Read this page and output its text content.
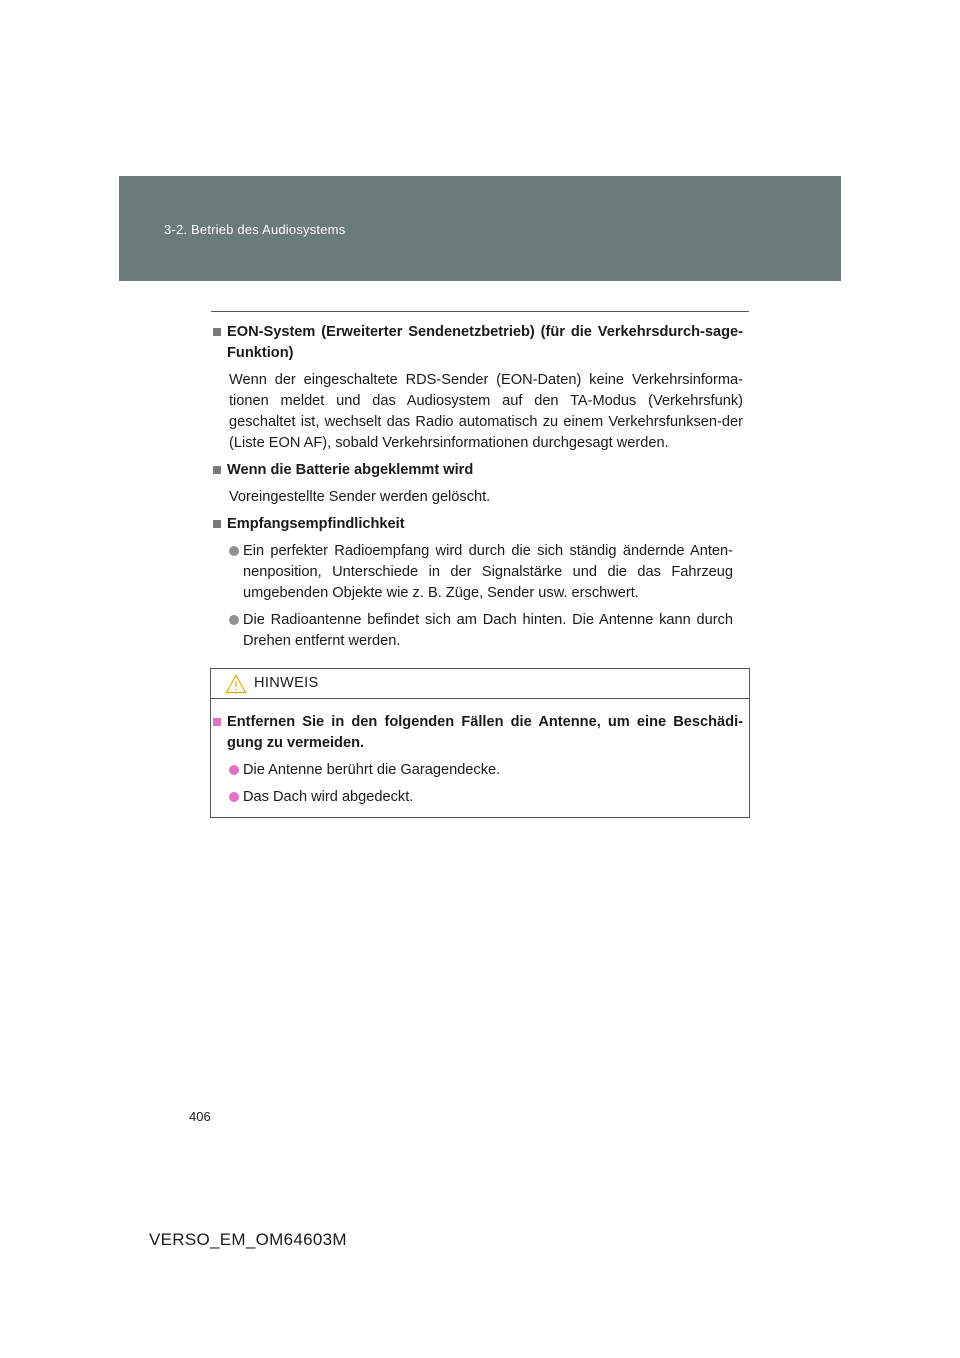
3-2. Betrieb des Audiosystems
EON-System (Erweiterter Sendenetzbetrieb) (für die Verkehrsdurch-sage-Funktion)
Wenn der eingeschaltete RDS-Sender (EON-Daten) keine Verkehrsinforma-tionen meldet und das Audiosystem auf den TA-Modus (Verkehrsfunk) geschaltet ist, wechselt das Radio automatisch zu einem Verkehrsfunksen-der (Liste EON AF), sobald Verkehrsinformationen durchgesagt werden.
Wenn die Batterie abgeklemmt wird
Voreingestellte Sender werden gelöscht.
Empfangsempfindlichkeit
Ein perfekter Radioempfang wird durch die sich ständig ändernde Anten-nenposition, Unterschiede in der Signalstärke und die das Fahrzeug umgebenden Objekte wie z. B. Züge, Sender usw. erschwert.
Die Radioantenne befindet sich am Dach hinten. Die Antenne kann durch Drehen entfernt werden.
HINWEIS
Entfernen Sie in den folgenden Fällen die Antenne, um eine Beschädi-gung zu vermeiden.
Die Antenne berührt die Garagendecke.
Das Dach wird abgedeckt.
406
VERSO_EM_OM64603M
